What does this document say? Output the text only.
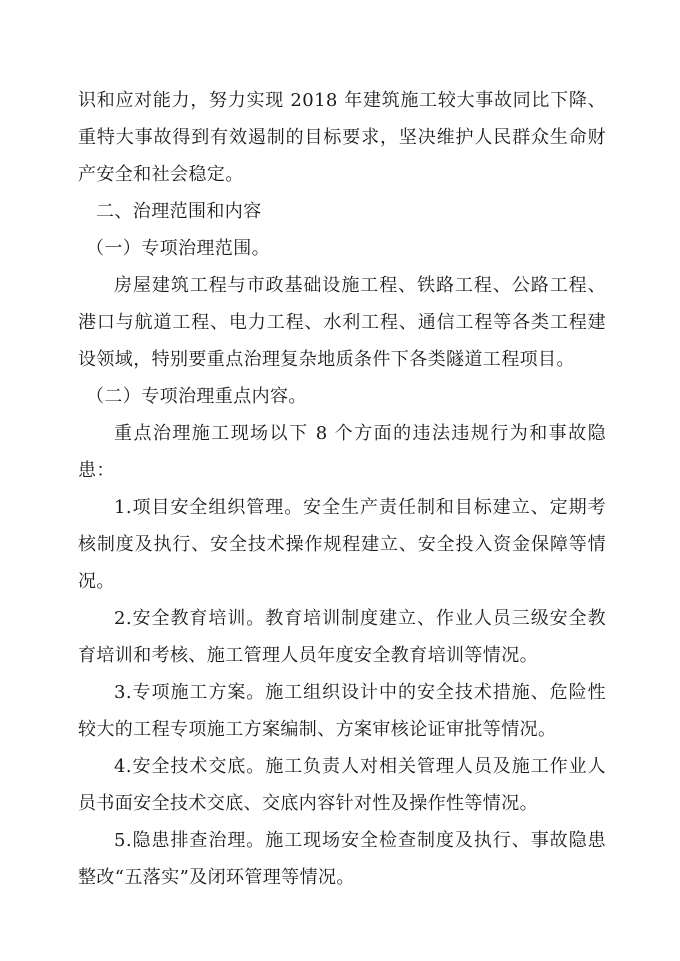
识和应对能力，努力实现 2018 年建筑施工较大事故同比下降、重特大事故得到有效遏制的目标要求，坚决维护人民群众生命财产安全和社会稳定。

二、治理范围和内容

（一）专项治理范围。

房屋建筑工程与市政基础设施工程、铁路工程、公路工程、港口与航道工程、电力工程、水利工程、通信工程等各类工程建设领域，特别要重点治理复杂地质条件下各类隧道工程项目。

（二）专项治理重点内容。

重点治理施工现场以下 8 个方面的违法违规行为和事故隐患：

1.项目安全组织管理。安全生产责任制和目标建立、定期考核制度及执行、安全技术操作规程建立、安全投入资金保障等情况。

2.安全教育培训。教育培训制度建立、作业人员三级安全教育培训和考核、施工管理人员年度安全教育培训等情况。

3.专项施工方案。施工组织设计中的安全技术措施、危险性较大的工程专项施工方案编制、方案审核论证审批等情况。

4.安全技术交底。施工负责人对相关管理人员及施工作业人员书面安全技术交底、交底内容针对性及操作性等情况。

5.隐患排查治理。施工现场安全检查制度及执行、事故隐患整改“五落实”及闭环管理等情况。
